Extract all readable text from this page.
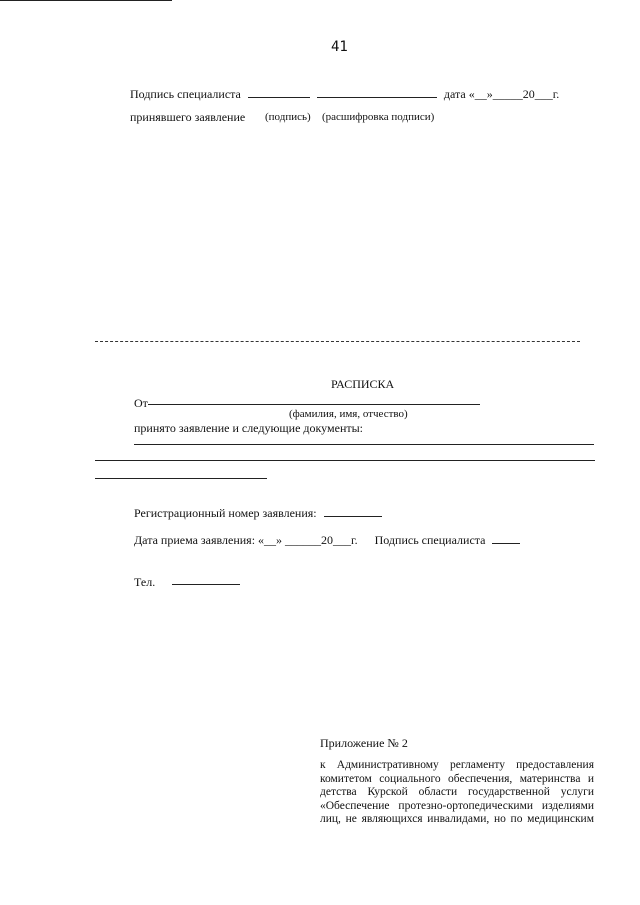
41
Подпись специалиста	дата «__»_____20___г.
принявшего заявление (подпись) (расшифровка подписи)
РАСПИСКА
От
(фамилия, имя, отчество)
принято заявление и следующие документы:
Регистрационный номер заявления:
Дата приема заявления: «__» ______20___г. Подпись специалиста
Тел.
Приложение № 2
к Административному регламенту предоставления
комитетом социального обеспечения, материнства и
детства Курской области государственной услуги
«Обеспечение протезно-ортопедическими изделиями
лиц, не являющихся инвалидами, но по медицинским
